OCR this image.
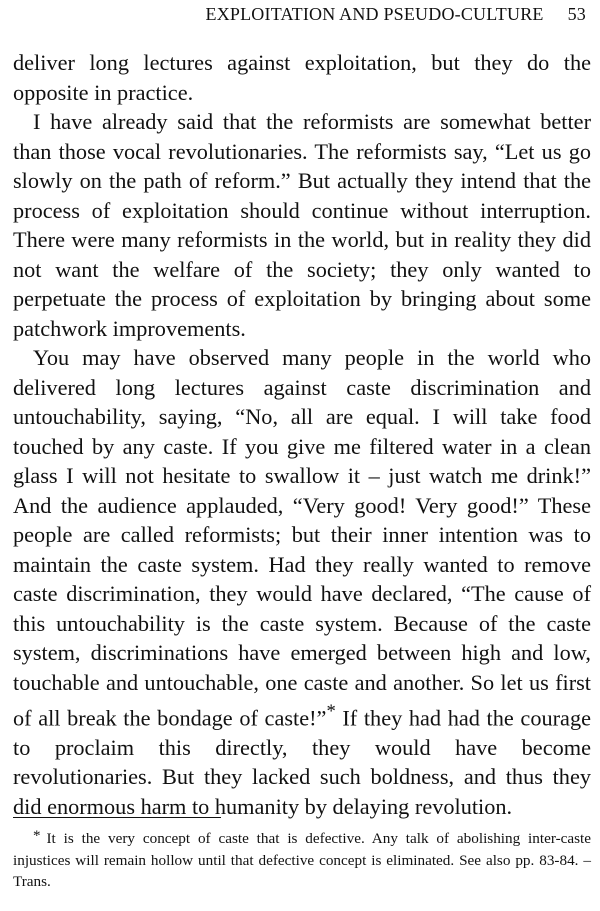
EXPLOITATION AND PSEUDO-CULTURE 53

deliver long lectures against exploitation, but they do the opposite in practice.

I have already said that the reformists are somewhat better than those vocal revolutionaries. The reformists say, “Let us go slowly on the path of reform.” But actually they intend that the process of exploitation should continue without interruption. There were many reformists in the world, but in reality they did not want the welfare of the society; they only wanted to perpetuate the process of exploitation by bringing about some patchwork improvements.

You may have observed many people in the world who delivered long lectures against caste discrimination and untouchability, saying, “No, all are equal. I will take food touched by any caste. If you give me filtered water in a clean glass I will not hesitate to swallow it – just watch me drink!” And the audience applauded, “Very good! Very good!” These people are called reformists; but their inner intention was to maintain the caste system. Had they really wanted to remove caste discrimination, they would have declared, “The cause of this untouchability is the caste system. Because of the caste system, discriminations have emerged between high and low, touchable and untouchable, one caste and another. So let us first of all break the bondage of caste!”* If they had had the courage to proclaim this directly, they would have become revolutionaries. But they lacked such boldness, and thus they did enormous harm to humanity by delaying revolution.

* It is the very concept of caste that is defective. Any talk of abolishing inter-caste injustices will remain hollow until that defective concept is eliminated. See also pp. 83-84. –Trans.
